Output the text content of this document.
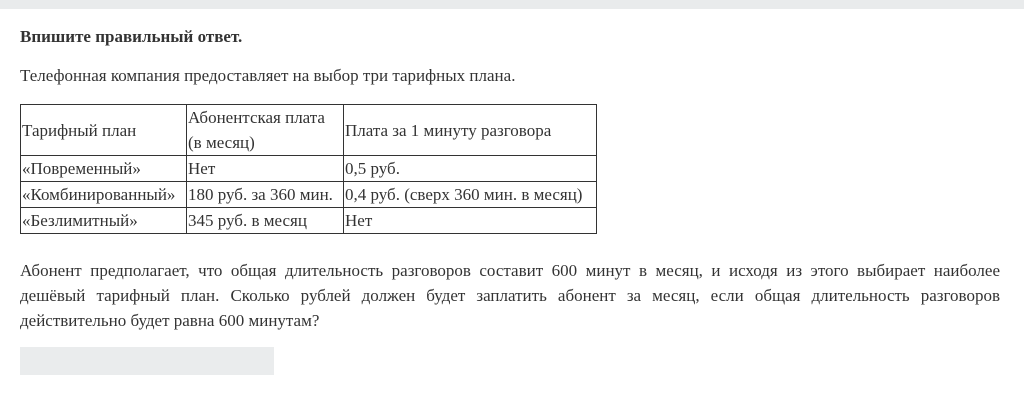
Впишите правильный ответ.

Телефонная компания предоставляет на выбор три тарифных плана.

Тарифный план	Абонентская плата (в месяц)	Плата за 1 минуту разговора
«Повременный»	Нет	0,5 руб.
«Комбинированный»	180 руб. за 360 мин.	0,4 руб. (сверх 360 мин. в месяц)
«Безлимитный»	345 руб. в месяц	Нет

Абонент предполагает, что общая длительность разговоров составит 600 минут в месяц, и исходя из этого выбирает наиболее дешёвый тарифный план. Сколько рублей должен будет заплатить абонент за месяц, если общая длительность разговоров действительно будет равна 600 минутам?
